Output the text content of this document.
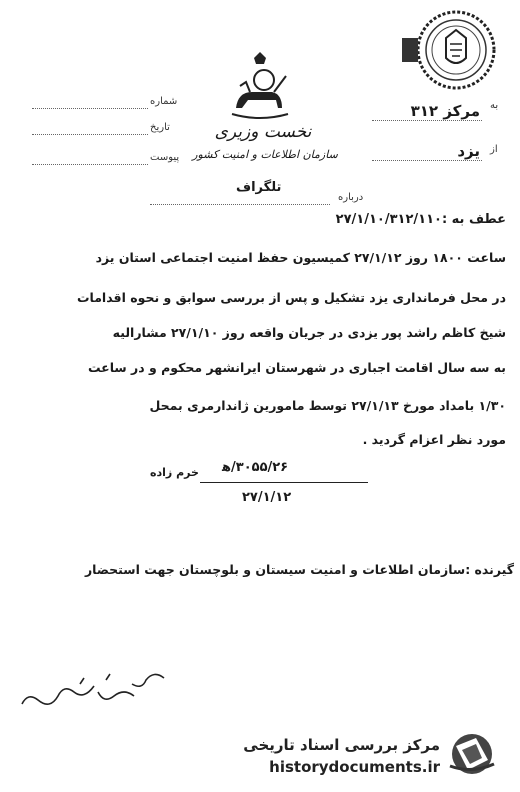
به
مرکز ۳۱۲
از
یزد
نخست وزیری
سازمان اطلاعات و امنیت کشور
شماره
تاریخ
پیوست
تلگراف
درباره
عطف به :۲۷/۱/۱۰/۳۱۲/۱۱۰
ساعت ۱۸۰۰ روز ۲۷/۱/۱۲ کمیسیون حفظ امنیت اجتماعی استان یزد
در محل فرمانداری یزد تشکیل و پس از بررسی سوابق و نحوه اقدامات
شیخ کاظم راشد پور یزدی در جریان واقعه روز ۲۷/۱/۱۰ مشارالیه
به سه سال اقامت اجباری در شهرستان ایرانشهر محکوم و در ساعت
۱/۳۰ بامداد مورخ ۲۷/۱/۱۳ توسط مامورین ژاندارمری بمحل
مورد نظر اعزام گردید .
خرم زاده ۳۰۵۵/۲۶/ﻫ
۲۷/۱/۱۲
گیرنده :سازمان اطلاعات و امنیت سیستان و بلوچستان جهت استحضار
مرکز بررسی اسناد تاریخی
historydocuments.ir
